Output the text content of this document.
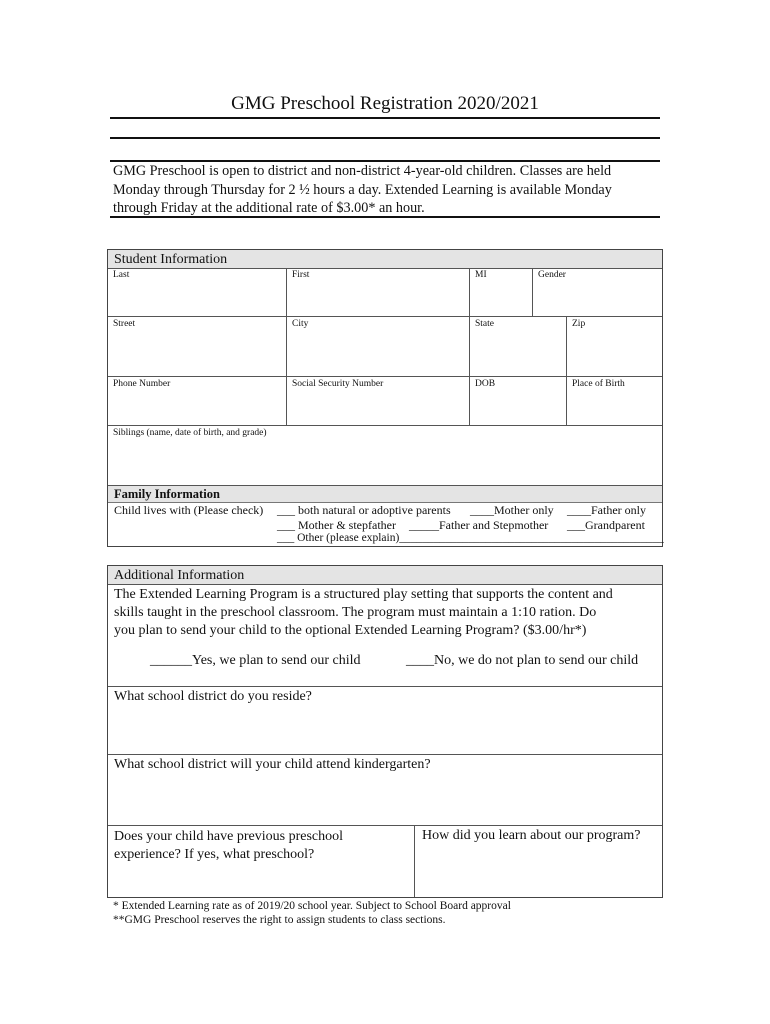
GMG Preschool Registration 2020/2021
GMG Preschool is open to district and non-district 4-year-old children. Classes are held
Monday through Thursday for 2 ½ hours a day. Extended Learning is available Monday
through Friday at the additional rate of $3.00* an hour.
Student Information
Last	First	MI	Gender
Street	City	State	Zip
Phone Number	Social Security Number	DOB	Place of Birth
Siblings (name, date of birth, and grade)
Family Information
Child lives with (Please check) ___ both natural or adoptive parents ____Mother only ____Father only
___ Mother & stepfather _____Father and Stepmother ___Grandparent
___ Other (please explain)______________________________________________
Additional Information
The Extended Learning Program is a structured play setting that supports the content and
skills taught in the preschool classroom. The program must maintain a 1:10 ration. Do
you plan to send your child to the optional Extended Learning Program? ($3.00/hr*)
______Yes, we plan to send our child	____No, we do not plan to send our child
What school district do you reside?
What school district will your child attend kindergarten?
Does your child have previous preschool
experience? If yes, what preschool?
How did you learn about our program?
* Extended Learning rate as of 2019/20 school year. Subject to School Board approval
**GMG Preschool reserves the right to assign students to class sections.
